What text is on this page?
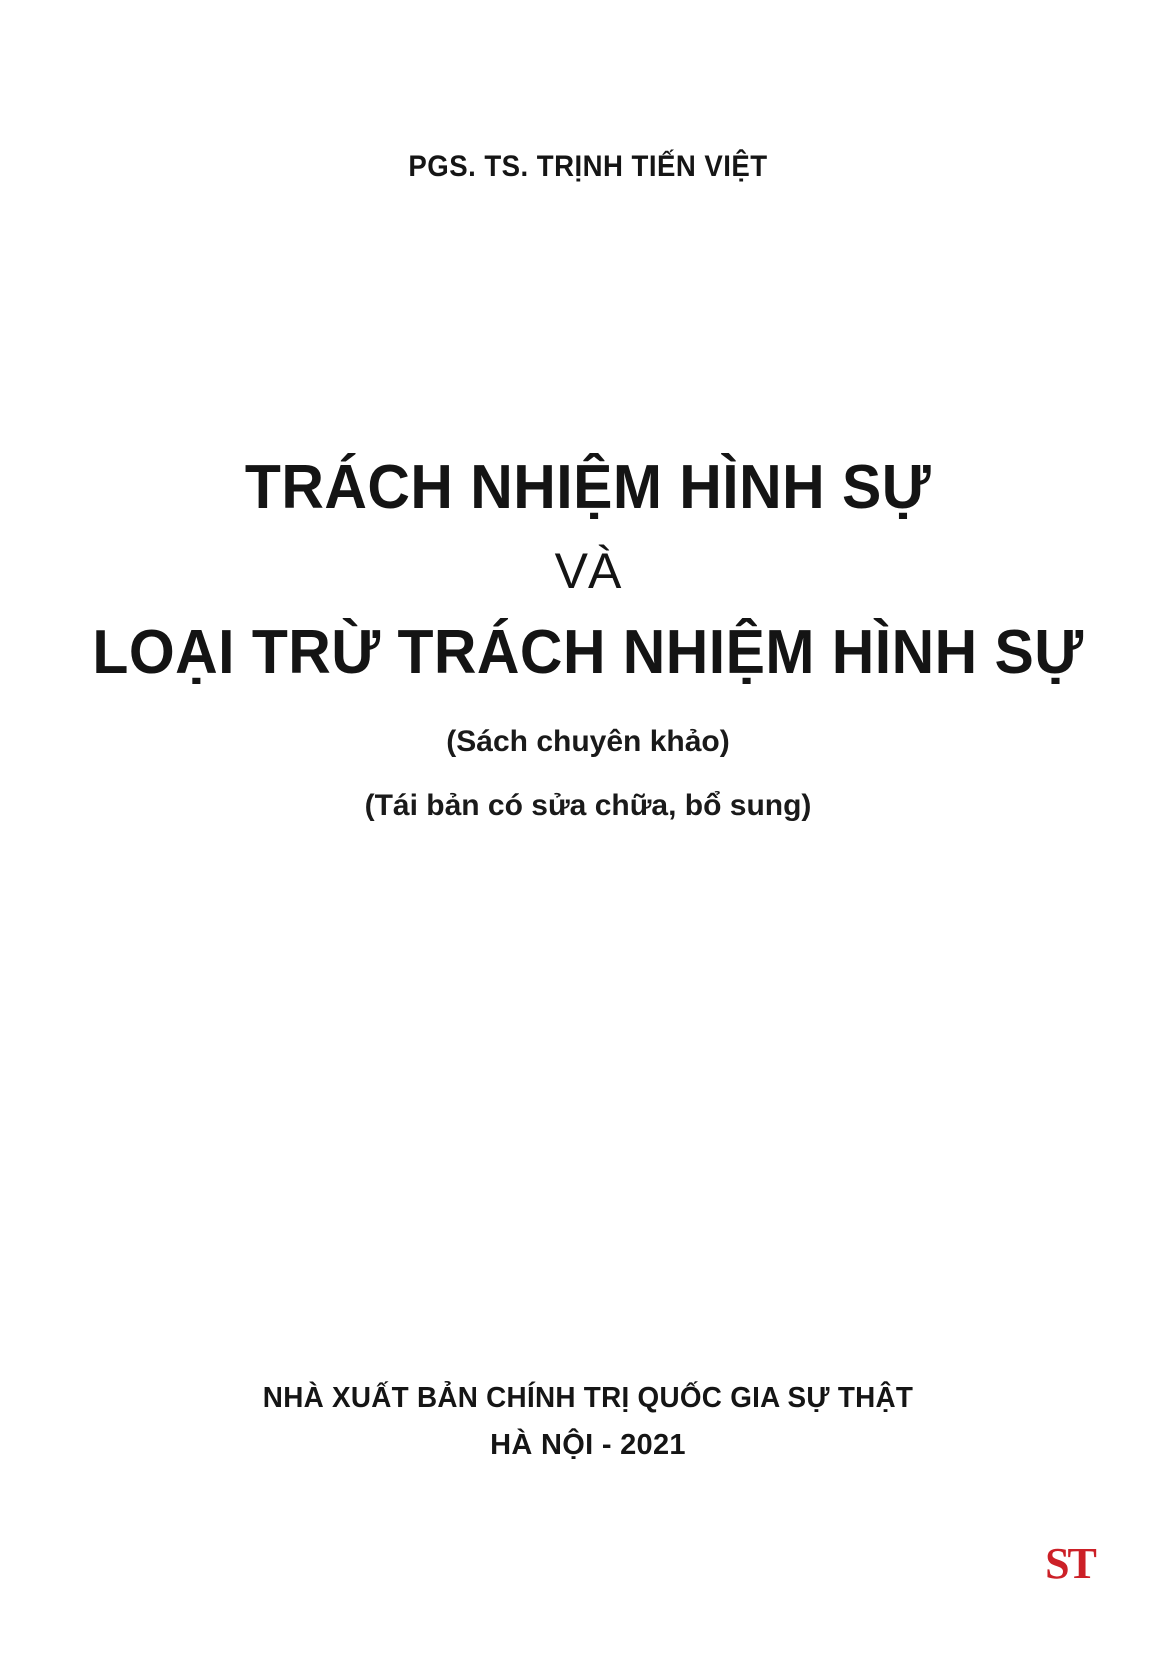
PGS. TS. TRỊNH TIẾN VIỆT
TRÁCH NHIỆM HÌNH SỰ
VÀ
LOẠI TRỪ TRÁCH NHIỆM HÌNH SỰ
(Sách chuyên khảo)
(Tái bản có sửa chữa, bổ sung)
NHÀ XUẤT BẢN CHÍNH TRỊ QUỐC GIA SỰ THẬT
HÀ NỘI - 2021
ST
